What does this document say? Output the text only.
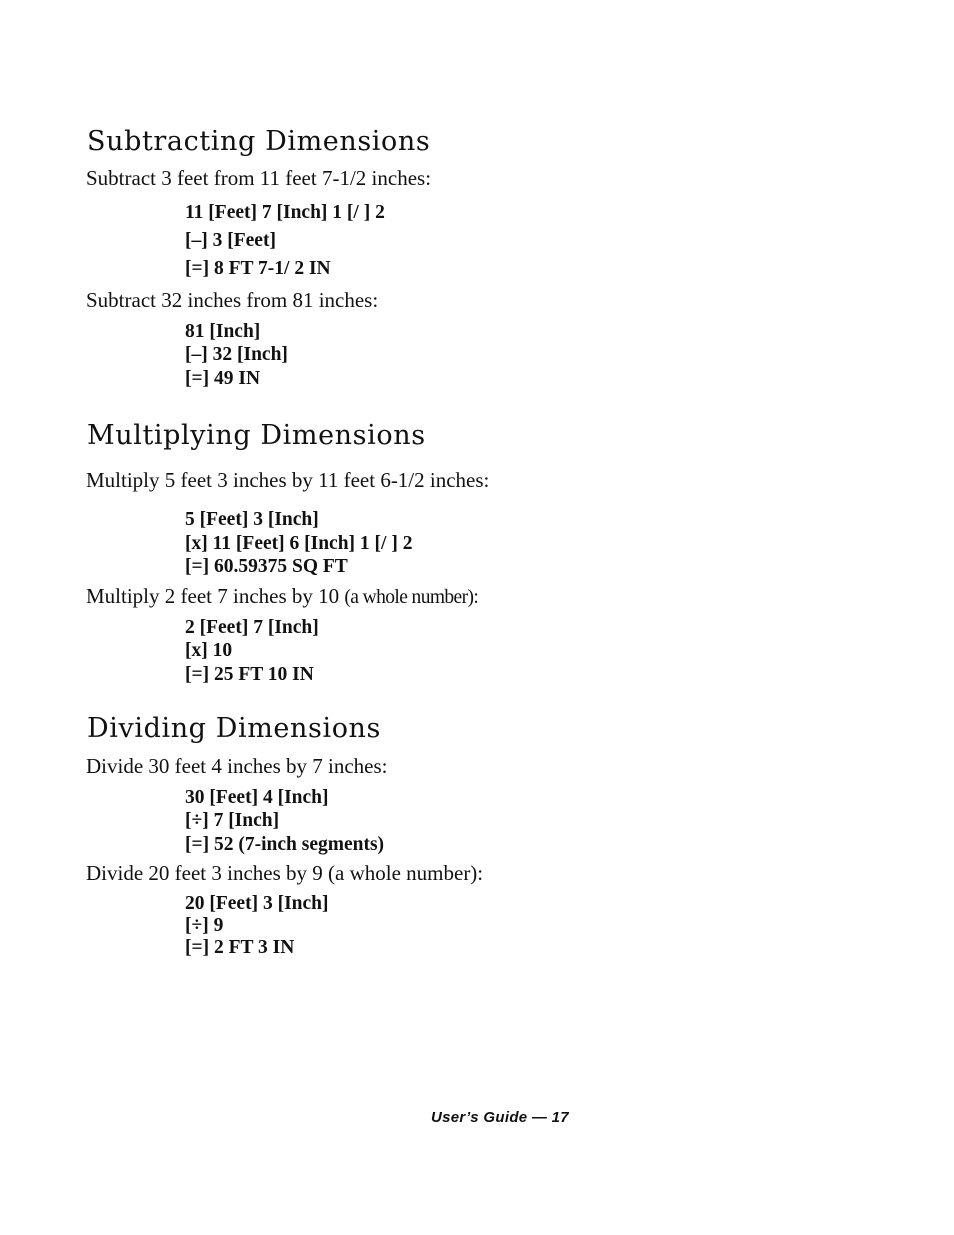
Subtracting Dimensions

Subtract 3 feet from 11 feet 7-1/2 inches:

11 [Feet] 7 [Inch] 1 [/ ] 2

[–] 3 [Feet]

[=] 8 FT 7-1/ 2 IN

Subtract 32 inches from 81 inches:

81 [Inch]

[–] 32 [Inch]

[=] 49 IN

Multiplying Dimensions

Multiply 5 feet 3 inches by 11 feet 6-1/2 inches:

5 [Feet] 3 [Inch]

[x] 11 [Feet] 6 [Inch] 1 [/ ] 2

[=] 60.59375 SQ FT

Multiply 2 feet 7 inches by 10 (a whole number):

2 [Feet] 7 [Inch]

[x] 10

[=] 25 FT 10 IN

Dividing Dimensions

Divide 30 feet 4 inches by 7 inches:

30 [Feet] 4 [Inch]

[÷] 7 [Inch]

[=] 52 (7-inch segments)

Divide 20 feet 3 inches by 9 (a whole number):

20 [Feet] 3 [Inch]

[÷] 9

[=] 2 FT 3 IN

User’s Guide — 17
